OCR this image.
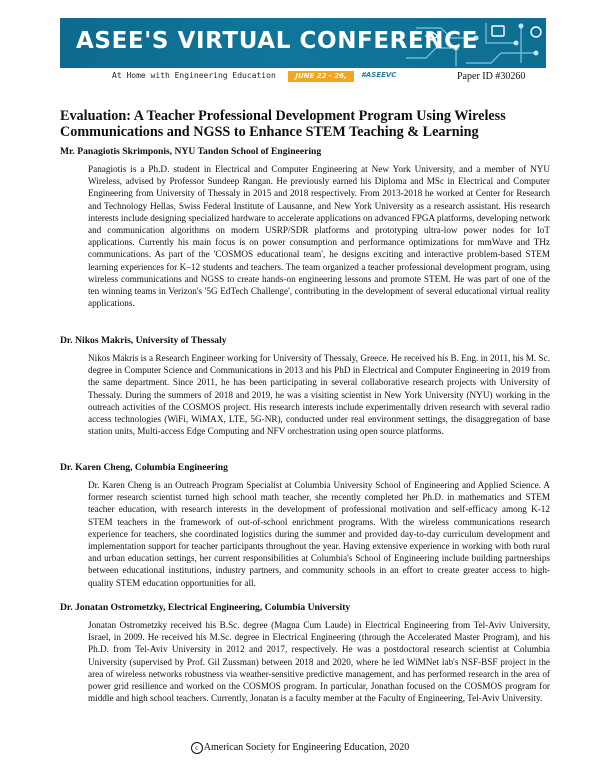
ASEE'S VIRTUAL CONFERENCE
At Home with Engineering Education	JUNE 22 - 26, 2020
#ASEEVC	Paper ID #30260
Evaluation: A Teacher Professional Development Program Using Wireless Communications and NGSS to Enhance STEM Teaching & Learning

Mr. Panagiotis Skrimponis, NYU Tandon School of Engineering

Panagiotis is a Ph.D. student in Electrical and Computer Engineering at New York University, and a member of NYU Wireless, advised by Professor Sundeep Rangan. He previously earned his Diploma and MSc in Electrical and Computer Engineering from University of Thessaly in 2015 and 2018 respectively. From 2013-2018 he worked at Center for Research and Technology Hellas, Swiss Federal Institute of Lausanne, and New York University as a research assistant. His research interests include designing specialized hardware to accelerate applications on advanced FPGA platforms, developing network and communication algorithms on modern USRP/SDR platforms and prototyping ultra-low power nodes for IoT applications. Currently his main focus is on power consumption and performance optimizations for mmWave and THz communications. As part of the 'COSMOS educational team', he designs exciting and interactive problem-based STEM learning experiences for K–12 students and teachers. The team organized a teacher professional development program, using wireless communications and NGSS to create hands-on engineering lessons and promote STEM. He was part of one of the ten winning teams in Verizon's '5G EdTech Challenge', contributing in the development of several educational virtual reality applications.

Dr. Nikos Makris, University of Thessaly

Nikos Makris is a Research Engineer working for University of Thessaly, Greece. He received his B. Eng. in 2011, his M. Sc. degree in Computer Science and Communications in 2013 and his PhD in Electrical and Computer Engineering in 2019 from the same department. Since 2011, he has been participating in several collaborative research projects with University of Thessaly. During the summers of 2018 and 2019, he was a visiting scientist in New York University (NYU) working in the outreach activities of the COSMOS project. His research interests include experimentally driven research with several radio access technologies (WiFi, WiMAX, LTE, 5G-NR), conducted under real environment settings, the disaggregation of base station units, Multi-access Edge Computing and NFV orchestration using open source platforms.

Dr. Karen Cheng, Columbia Engineering

Dr. Karen Cheng is an Outreach Program Specialist at Columbia University School of Engineering and Applied Science. A former research scientist turned high school math teacher, she recently completed her Ph.D. in mathematics and STEM teacher education, with research interests in the development of professional motivation and self-efficacy among K-12 STEM teachers in the framework of out-of-school enrichment programs. With the wireless communications research experience for teachers, she coordinated logistics during the summer and provided day-to-day curriculum development and implementation support for teacher participants throughout the year. Having extensive experience in working with both rural and urban education settings, her current responsibilities at Columbia's School of Engineering include building partnerships between educational institutions, industry partners, and community schools in an effort to create greater access to high-quality STEM education opportunities for all.

Dr. Jonatan Ostrometzky, Electrical Engineering, Columbia University

Jonatan Ostrometzky received his B.Sc. degree (Magna Cum Laude) in Electrical Engineering from Tel-Aviv University, Israel, in 2009. He received his M.Sc. degree in Electrical Engineering (through the Accelerated Master Program), and his Ph.D. from Tel-Aviv University in 2012 and 2017, respectively. He was a postdoctoral research scientist at Columbia University (supervised by Prof. Gil Zussman) between 2018 and 2020, where he led WiMNet lab's NSF-BSF project in the area of wireless networks robustness via weather-sensitive predictive management, and has performed research in the area of power grid resilience and worked on the COSMOS program. In particular, Jonathan focused on the COSMOS program for middle and high school teachers. Currently, Jonatan is a faculty member at the Faculty of Engineering, Tel-Aviv University.

c American Society for Engineering Education, 2020
